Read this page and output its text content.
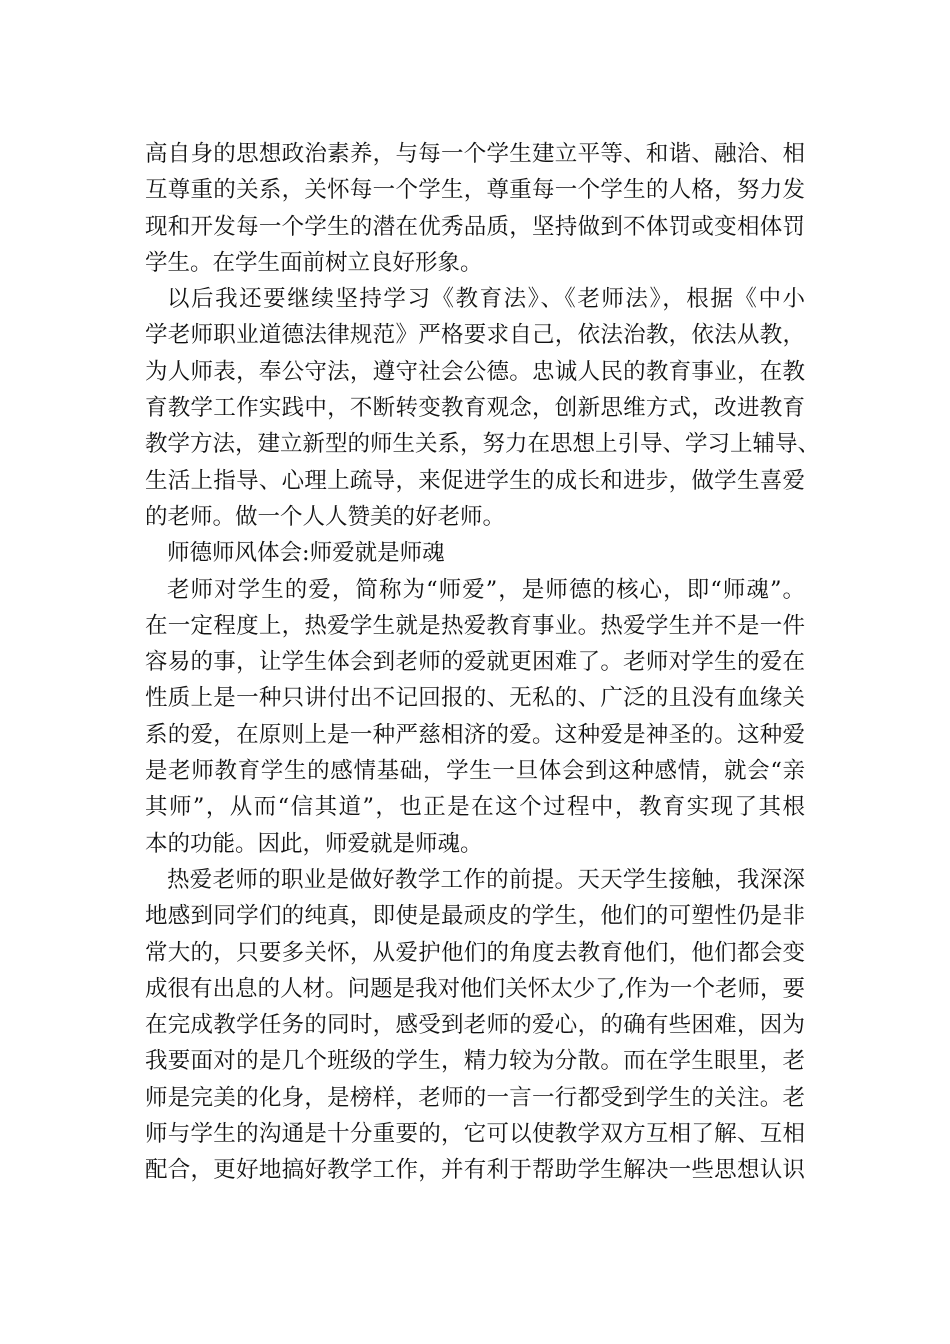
高自身的思想政治素养，与每一个学生建立平等、和谐、融洽、相
互尊重的关系，关怀每一个学生，尊重每一个学生的人格，努力发
现和开发每一个学生的潜在优秀品质，坚持做到不体罚或变相体罚
学生。在学生面前树立良好形象。
以后我还要继续坚持学习《教育法》、《老师法》，根据《中小
学老师职业道德法律规范》严格要求自己，依法治教，依法从教，
为人师表，奉公守法，遵守社会公德。忠诚人民的教育事业，在教
育教学工作实践中，不断转变教育观念，创新思维方式，改进教育
教学方法，建立新型的师生关系，努力在思想上引导、学习上辅导、
生活上指导、心理上疏导，来促进学生的成长和进步，做学生喜爱
的老师。做一个人人赞美的好老师。
师德师风体会:师爱就是师魂
老师对学生的爱，简称为“师爱”，是师德的核心，即“师魂”。
在一定程度上，热爱学生就是热爱教育事业。热爱学生并不是一件
容易的事，让学生体会到老师的爱就更困难了。老师对学生的爱在
性质上是一种只讲付出不记回报的、无私的、广泛的且没有血缘关
系的爱，在原则上是一种严慈相济的爱。这种爱是神圣的。这种爱
是老师教育学生的感情基础，学生一旦体会到这种感情，就会“亲
其师”，从而“信其道”，也正是在这个过程中，教育实现了其根
本的功能。因此，师爱就是师魂。
热爱老师的职业是做好教学工作的前提。天天学生接触，我深深
地感到同学们的纯真，即使是最顽皮的学生，他们的可塑性仍是非
常大的，只要多关怀，从爱护他们的角度去教育他们，他们都会变
成很有出息的人材。问题是我对他们关怀太少了,作为一个老师，要
在完成教学任务的同时，感受到老师的爱心，的确有些困难，因为
我要面对的是几个班级的学生，精力较为分散。而在学生眼里，老
师是完美的化身，是榜样，老师的一言一行都受到学生的关注。老
师与学生的沟通是十分重要的，它可以使教学双方互相了解、互相
配合，更好地搞好教学工作，并有利于帮助学生解决一些思想认识
